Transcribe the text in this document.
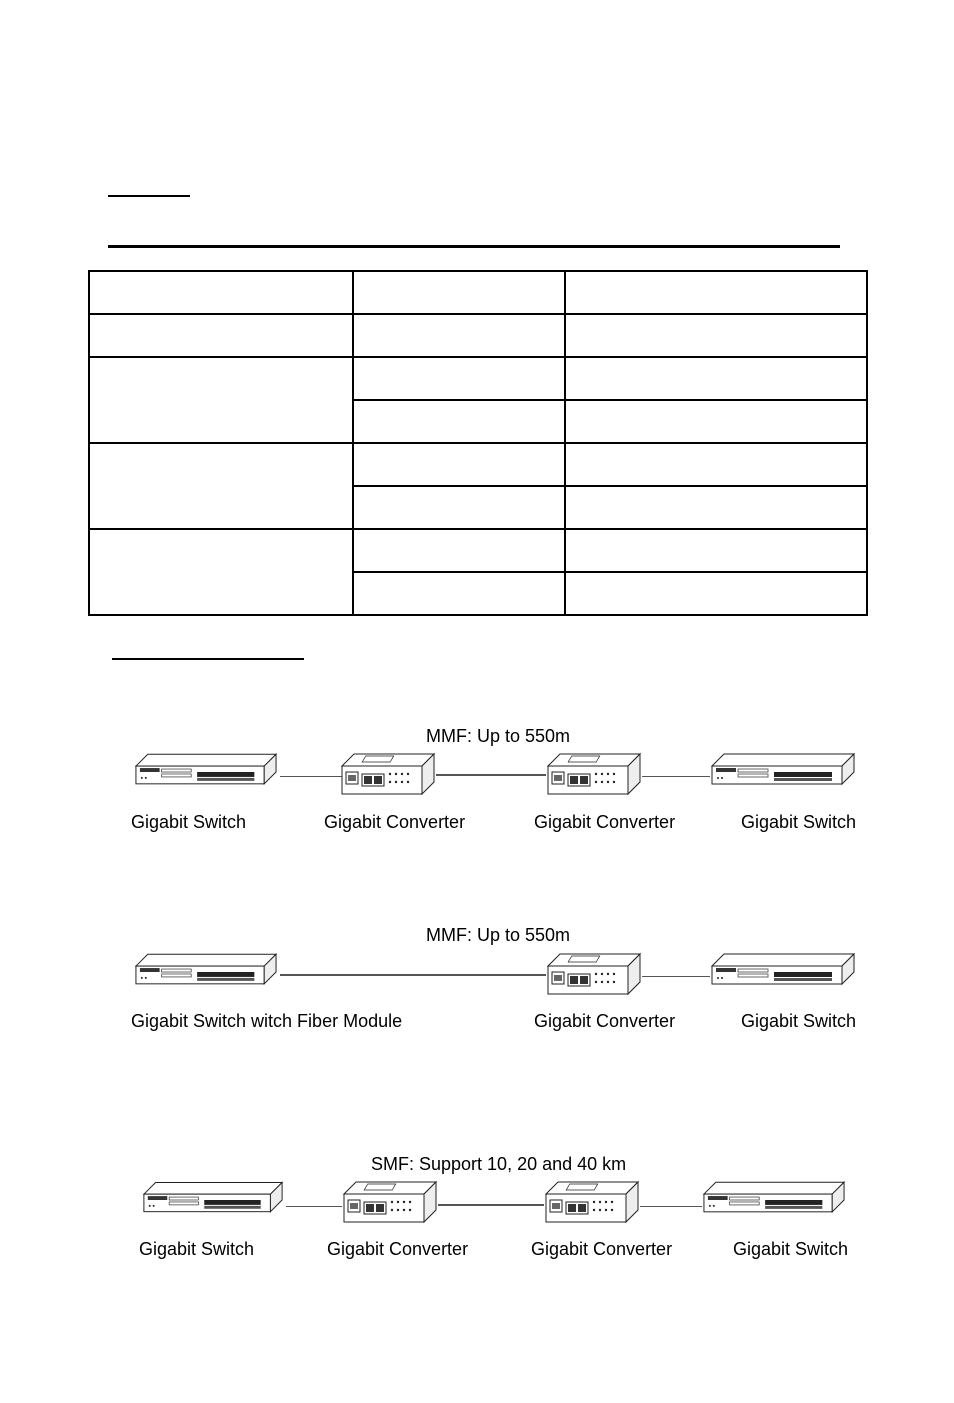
MMF: Up to 550m
Gigabit Switch	Gigabit Converter	Gigabit Converter	Gigabit Switch
MMF: Up to 550m
Gigabit Switch witch Fiber Module	Gigabit Converter	Gigabit Switch
SMF: Support 10, 20 and 40 km
Gigabit Switch	Gigabit Converter	Gigabit Converter	Gigabit Switch
